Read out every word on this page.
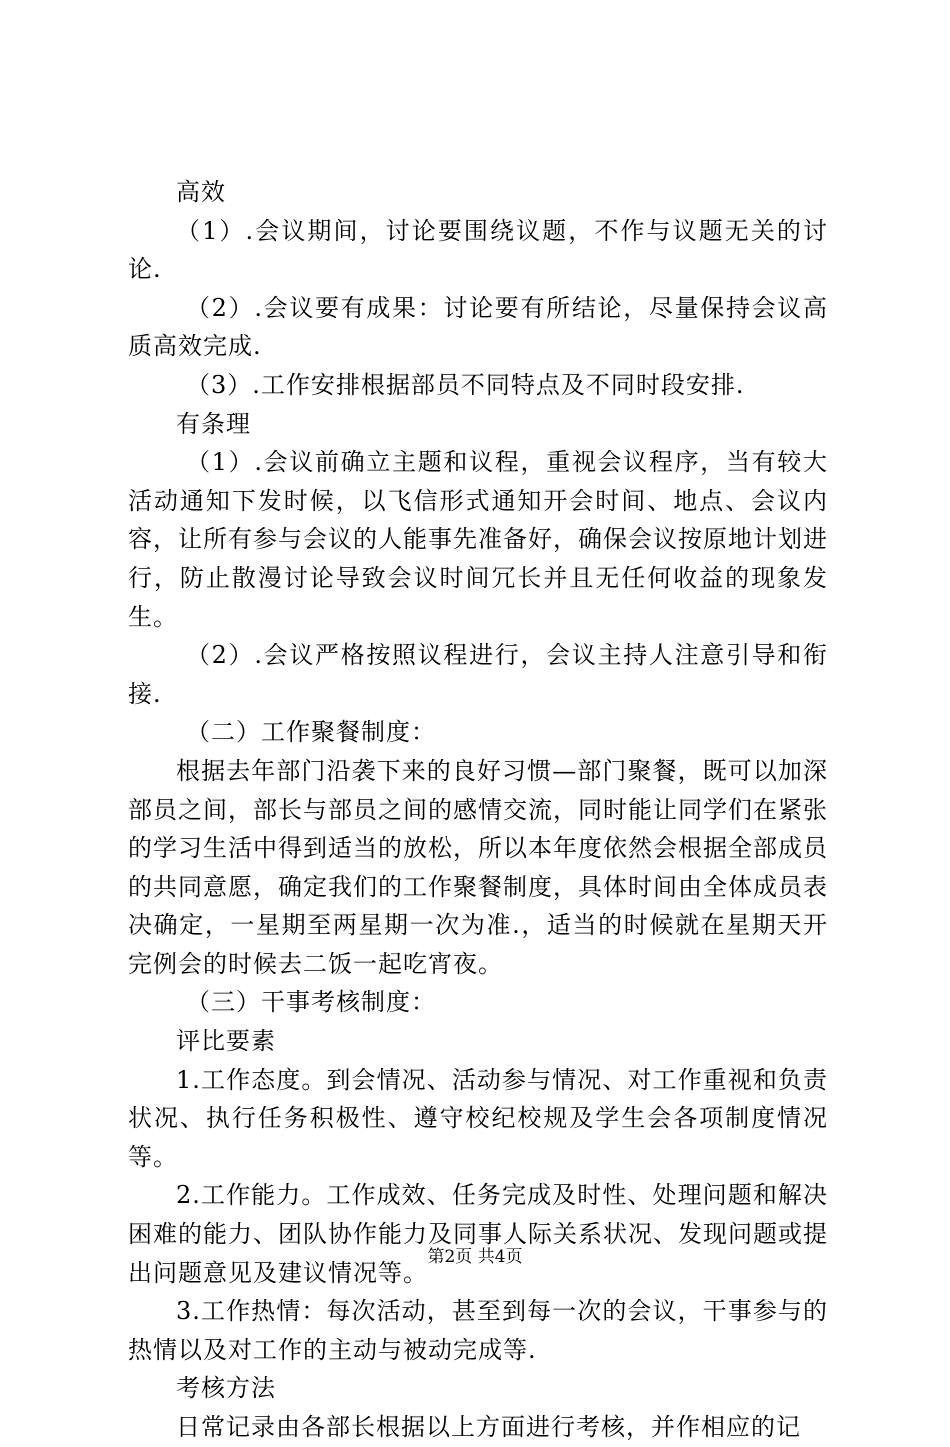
高效

（1）.会议期间，讨论要围绕议题，不作与议题无关的讨论.

（2）.会议要有成果：讨论要有所结论，尽量保持会议高质高效完成.

（3）.工作安排根据部员不同特点及不同时段安排.

有条理

（1）.会议前确立主题和议程，重视会议程序，当有较大活动通知下发时候，以飞信形式通知开会时间、地点、会议内容，让所有参与会议的人能事先准备好，确保会议按原地计划进行，防止散漫讨论导致会议时间冗长并且无任何收益的现象发生。

（2）.会议严格按照议程进行，会议主持人注意引导和衔接.

（二）工作聚餐制度：

根据去年部门沿袭下来的良好习惯—部门聚餐，既可以加深部员之间，部长与部员之间的感情交流，同时能让同学们在紧张的学习生活中得到适当的放松，所以本年度依然会根据全部成员的共同意愿，确定我们的工作聚餐制度，具体时间由全体成员表决确定，一星期至两星期一次为准.，适当的时候就在星期天开完例会的时候去二饭一起吃宵夜。

（三）干事考核制度：

评比要素

1.工作态度。到会情况、活动参与情况、对工作重视和负责状况、执行任务积极性、遵守校纪校规及学生会各项制度情况等。

2.工作能力。工作成效、任务完成及时性、处理问题和解决困难的能力、团队协作能力及同事人际关系状况、发现问题或提出问题意见及建议情况等。

3.工作热情：每次活动，甚至到每一次的会议，干事参与的热情以及对工作的主动与被动完成等.

考核方法

日常记录由各部长根据以上方面进行考核，并作相应的记

第2页 共4页
